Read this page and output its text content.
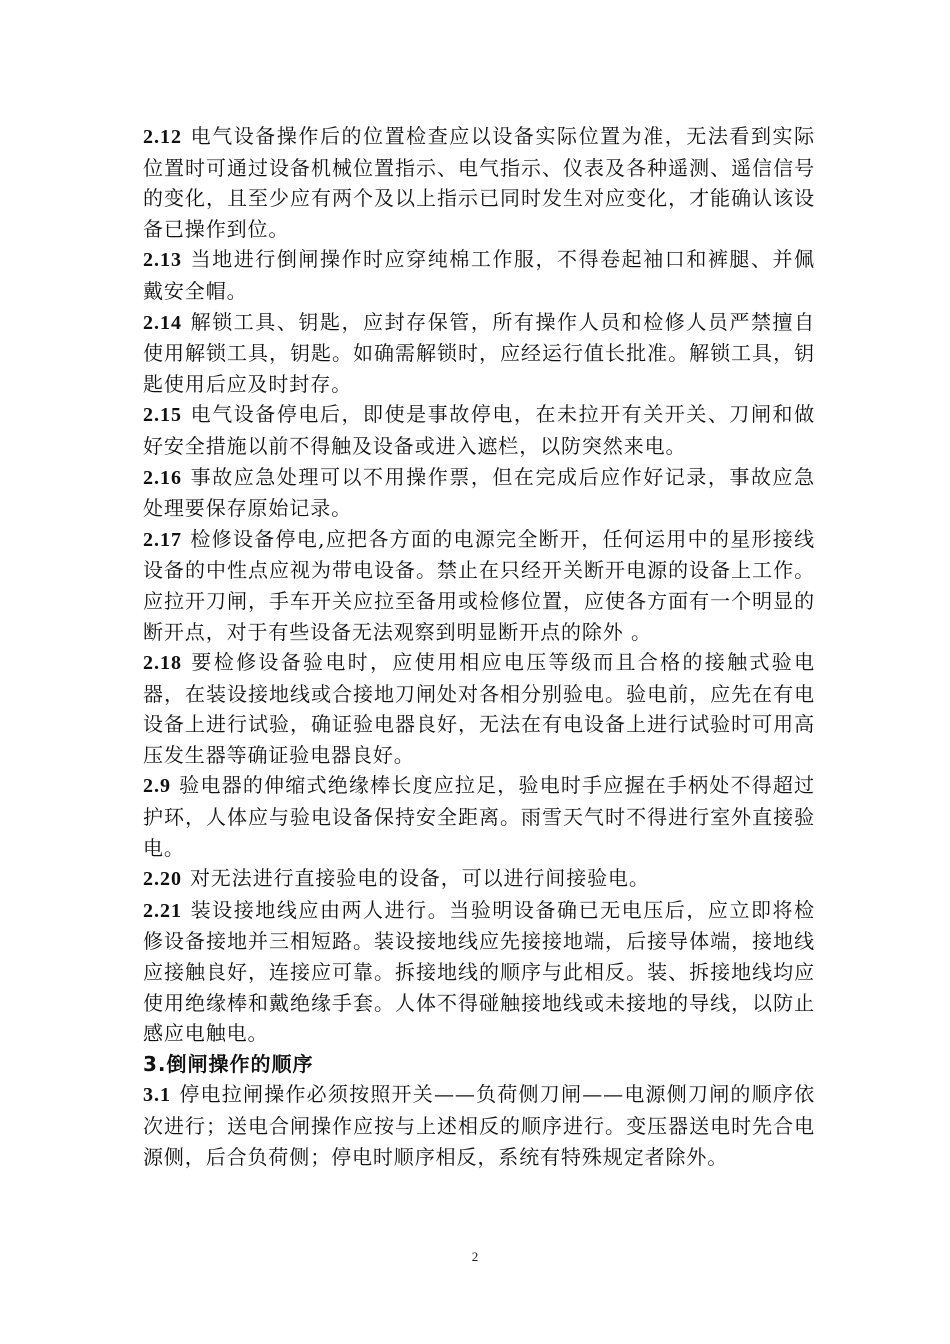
2.12 电气设备操作后的位置检查应以设备实际位置为准，无法看到实际位置时可通过设备机械位置指示、电气指示、仪表及各种遥测、遥信信号的变化，且至少应有两个及以上指示已同时发生对应变化，才能确认该设备已操作到位。

2.13 当地进行倒闸操作时应穿纯棉工作服，不得卷起袖口和裤腿、并佩戴安全帽。

2.14 解锁工具、钥匙，应封存保管，所有操作人员和检修人员严禁擅自使用解锁工具，钥匙。如确需解锁时，应经运行值长批准。解锁工具，钥匙使用后应及时封存。

2.15 电气设备停电后，即使是事故停电，在未拉开有关开关、刀闸和做好安全措施以前不得触及设备或进入遮栏，以防突然来电。

2.16 事故应急处理可以不用操作票，但在完成后应作好记录，事故应急处理要保存原始记录。

2.17 检修设备停电,应把各方面的电源完全断开，任何运用中的星形接线设备的中性点应视为带电设备。禁止在只经开关断开电源的设备上工作。应拉开刀闸，手车开关应拉至备用或检修位置，应使各方面有一个明显的断开点，对于有些设备无法观察到明显断开点的除外 。

2.18 要检修设备验电时，应使用相应电压等级而且合格的接触式验电器，在装设接地线或合接地刀闸处对各相分别验电。验电前，应先在有电设备上进行试验，确证验电器良好，无法在有电设备上进行试验时可用高压发生器等确证验电器良好。

2.9 验电器的伸缩式绝缘棒长度应拉足，验电时手应握在手柄处不得超过护环，人体应与验电设备保持安全距离。雨雪天气时不得进行室外直接验电。

2.20 对无法进行直接验电的设备，可以进行间接验电。

2.21 装设接地线应由两人进行。当验明设备确已无电压后，应立即将检修设备接地并三相短路。装设接地线应先接接地端，后接导体端，接地线应接触良好，连接应可靠。拆接地线的顺序与此相反。装、拆接地线均应使用绝缘棒和戴绝缘手套。人体不得碰触接地线或未接地的导线，以防止感应电触电。

3.倒闸操作的顺序

3.1 停电拉闸操作必须按照开关——负荷侧刀闸——电源侧刀闸的顺序依次进行；送电合闸操作应按与上述相反的顺序进行。变压器送电时先合电源侧，后合负荷侧；停电时顺序相反，系统有特殊规定者除外。

2
